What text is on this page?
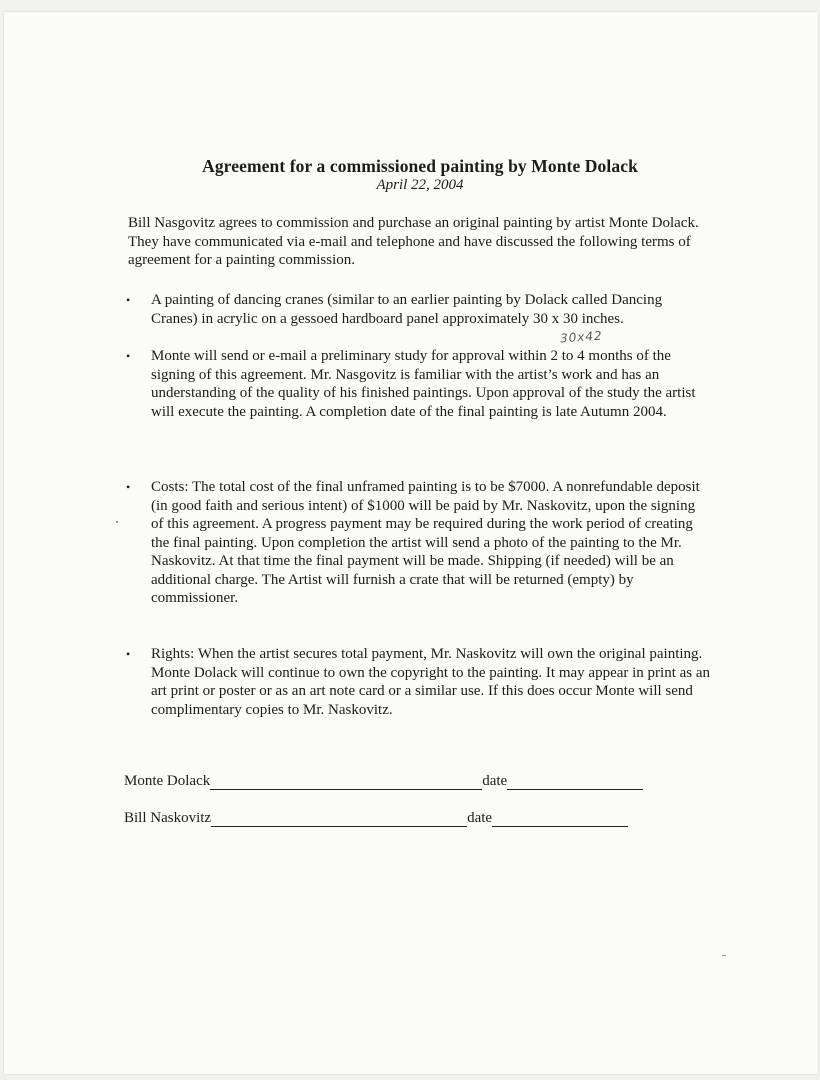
Agreement for a commissioned painting by Monte Dolack
April 22, 2004
Bill Nasgovitz agrees to commission and purchase an original painting by artist Monte Dolack. They have communicated via e-mail and telephone and have discussed the following terms of agreement for a painting commission.
• A painting of dancing cranes (similar to an earlier painting by Dolack called Dancing Cranes) in acrylic on a gessoed hardboard panel approximately 30 x 30 inches.
30x42
• Monte will send or e-mail a preliminary study for approval within 2 to 4 months of the signing of this agreement. Mr. Nasgovitz is familiar with the artist’s work and has an understanding of the quality of his finished paintings. Upon approval of the study the artist will execute the painting. A completion date of the final painting is late Autumn 2004.
• Costs: The total cost of the final unframed painting is to be $7000. A nonrefundable deposit (in good faith and serious intent) of $1000 will be paid by Mr. Naskovitz, upon the signing of this agreement. A progress payment may be required during the work period of creating the final painting. Upon completion the artist will send a photo of the painting to the Mr. Naskovitz. At that time the final payment will be made. Shipping (if needed) will be an additional charge. The Artist will furnish a crate that will be returned (empty) by commissioner.
• Rights: When the artist secures total payment, Mr. Naskovitz will own the original painting. Monte Dolack will continue to own the copyright to the painting. It may appear in print as an art print or poster or as an art note card or a similar use. If this does occur Monte will send complimentary copies to Mr. Naskovitz.
Monte Dolack	date
Bill Naskovitz	date
